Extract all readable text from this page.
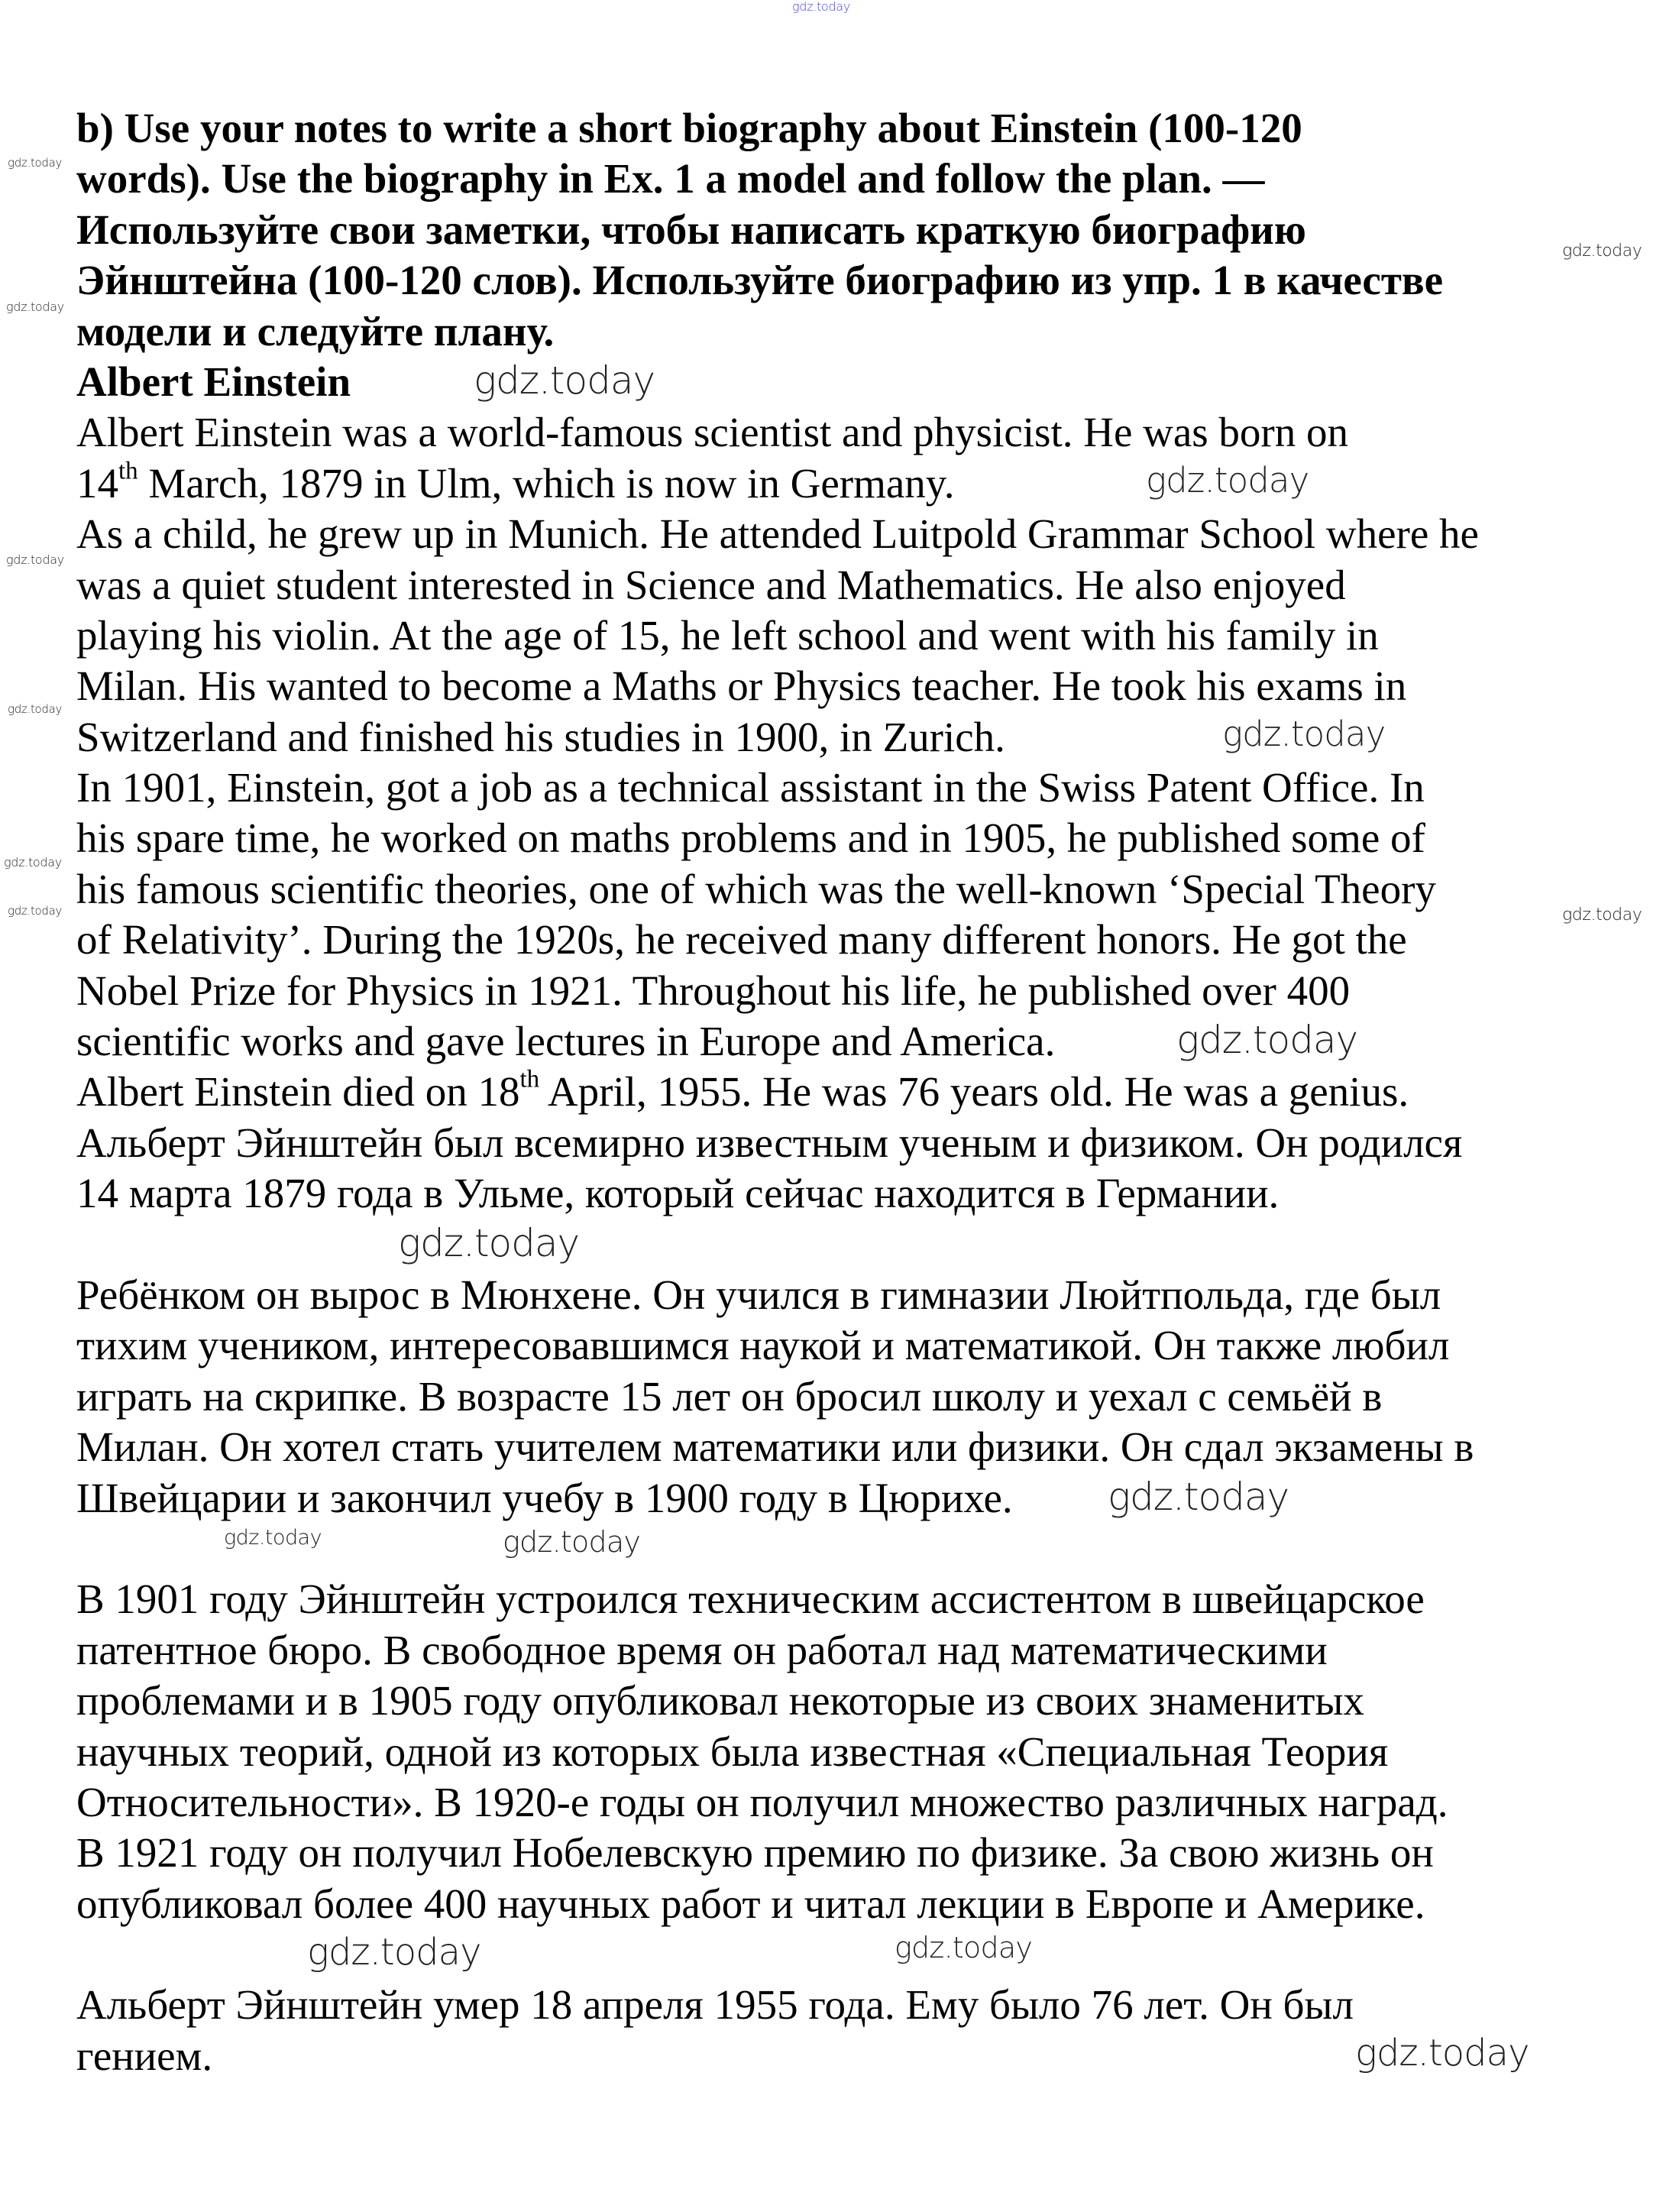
b) Use your notes to write a short biography about Einstein (100-120
words). Use the biography in Ex. 1 a model and follow the plan. —
Используйте свои заметки, чтобы написать краткую биографию
Эйнштейна (100-120 слов). Используйте биографию из упр. 1 в качестве
модели и следуйте плану.
Albert Einstein
Albert Einstein was a world-famous scientist and physicist. He was born on
14th March, 1879 in Ulm, which is now in Germany.
As a child, he grew up in Munich. He attended Luitpold Grammar School where he
was a quiet student interested in Science and Mathematics. He also enjoyed
playing his violin. At the age of 15, he left school and went with his family in
Milan. His wanted to become a Maths or Physics teacher. He took his exams in
Switzerland and finished his studies in 1900, in Zurich.
In 1901, Einstein, got a job as a technical assistant in the Swiss Patent Office. In
his spare time, he worked on maths problems and in 1905, he published some of
his famous scientific theories, one of which was the well-known ‘Special Theory
of Relativity’. During the 1920s, he received many different honors. He got the
Nobel Prize for Physics in 1921. Throughout his life, he published over 400
scientific works and gave lectures in Europe and America.
Albert Einstein died on 18th April, 1955. He was 76 years old. He was a genius.
Альберт Эйнштейн был всемирно известным ученым и физиком. Он родился
14 марта 1879 года в Ульме, который сейчас находится в Германии.
Ребёнком он вырос в Мюнхене. Он учился в гимназии Люйтпольда, где был
тихим учеником, интересовавшимся наукой и математикой. Он также любил
играть на скрипке. В возрасте 15 лет он бросил школу и уехал с семьёй в
Милан. Он хотел стать учителем математики или физики. Он сдал экзамены в
Швейцарии и закончил учебу в 1900 году в Цюрихе.
В 1901 году Эйнштейн устроился техническим ассистентом в швейцарское
патентное бюро. В свободное время он работал над математическими
проблемами и в 1905 году опубликовал некоторые из своих знаменитых
научных теорий, одной из которых была известная «Специальная Теория
Относительности». В 1920-е годы он получил множество различных наград.
В 1921 году он получил Нобелевскую премию по физике. За свою жизнь он
опубликовал более 400 научных работ и читал лекции в Европе и Америке.
Альберт Эйнштейн умер 18 апреля 1955 года. Ему было 76 лет. Он был
гением.
gdz.today
gdz.today
gdz.today
gdz.today
gdz.today
gdz.today
gdz.today
gdz.today
gdz.today
gdz.today
gdz.today	gdz.today
gdz.today
gdz.today
gdz.today
gdz.today	gdz.today
gdz.today	gdz.today
gdz.today
